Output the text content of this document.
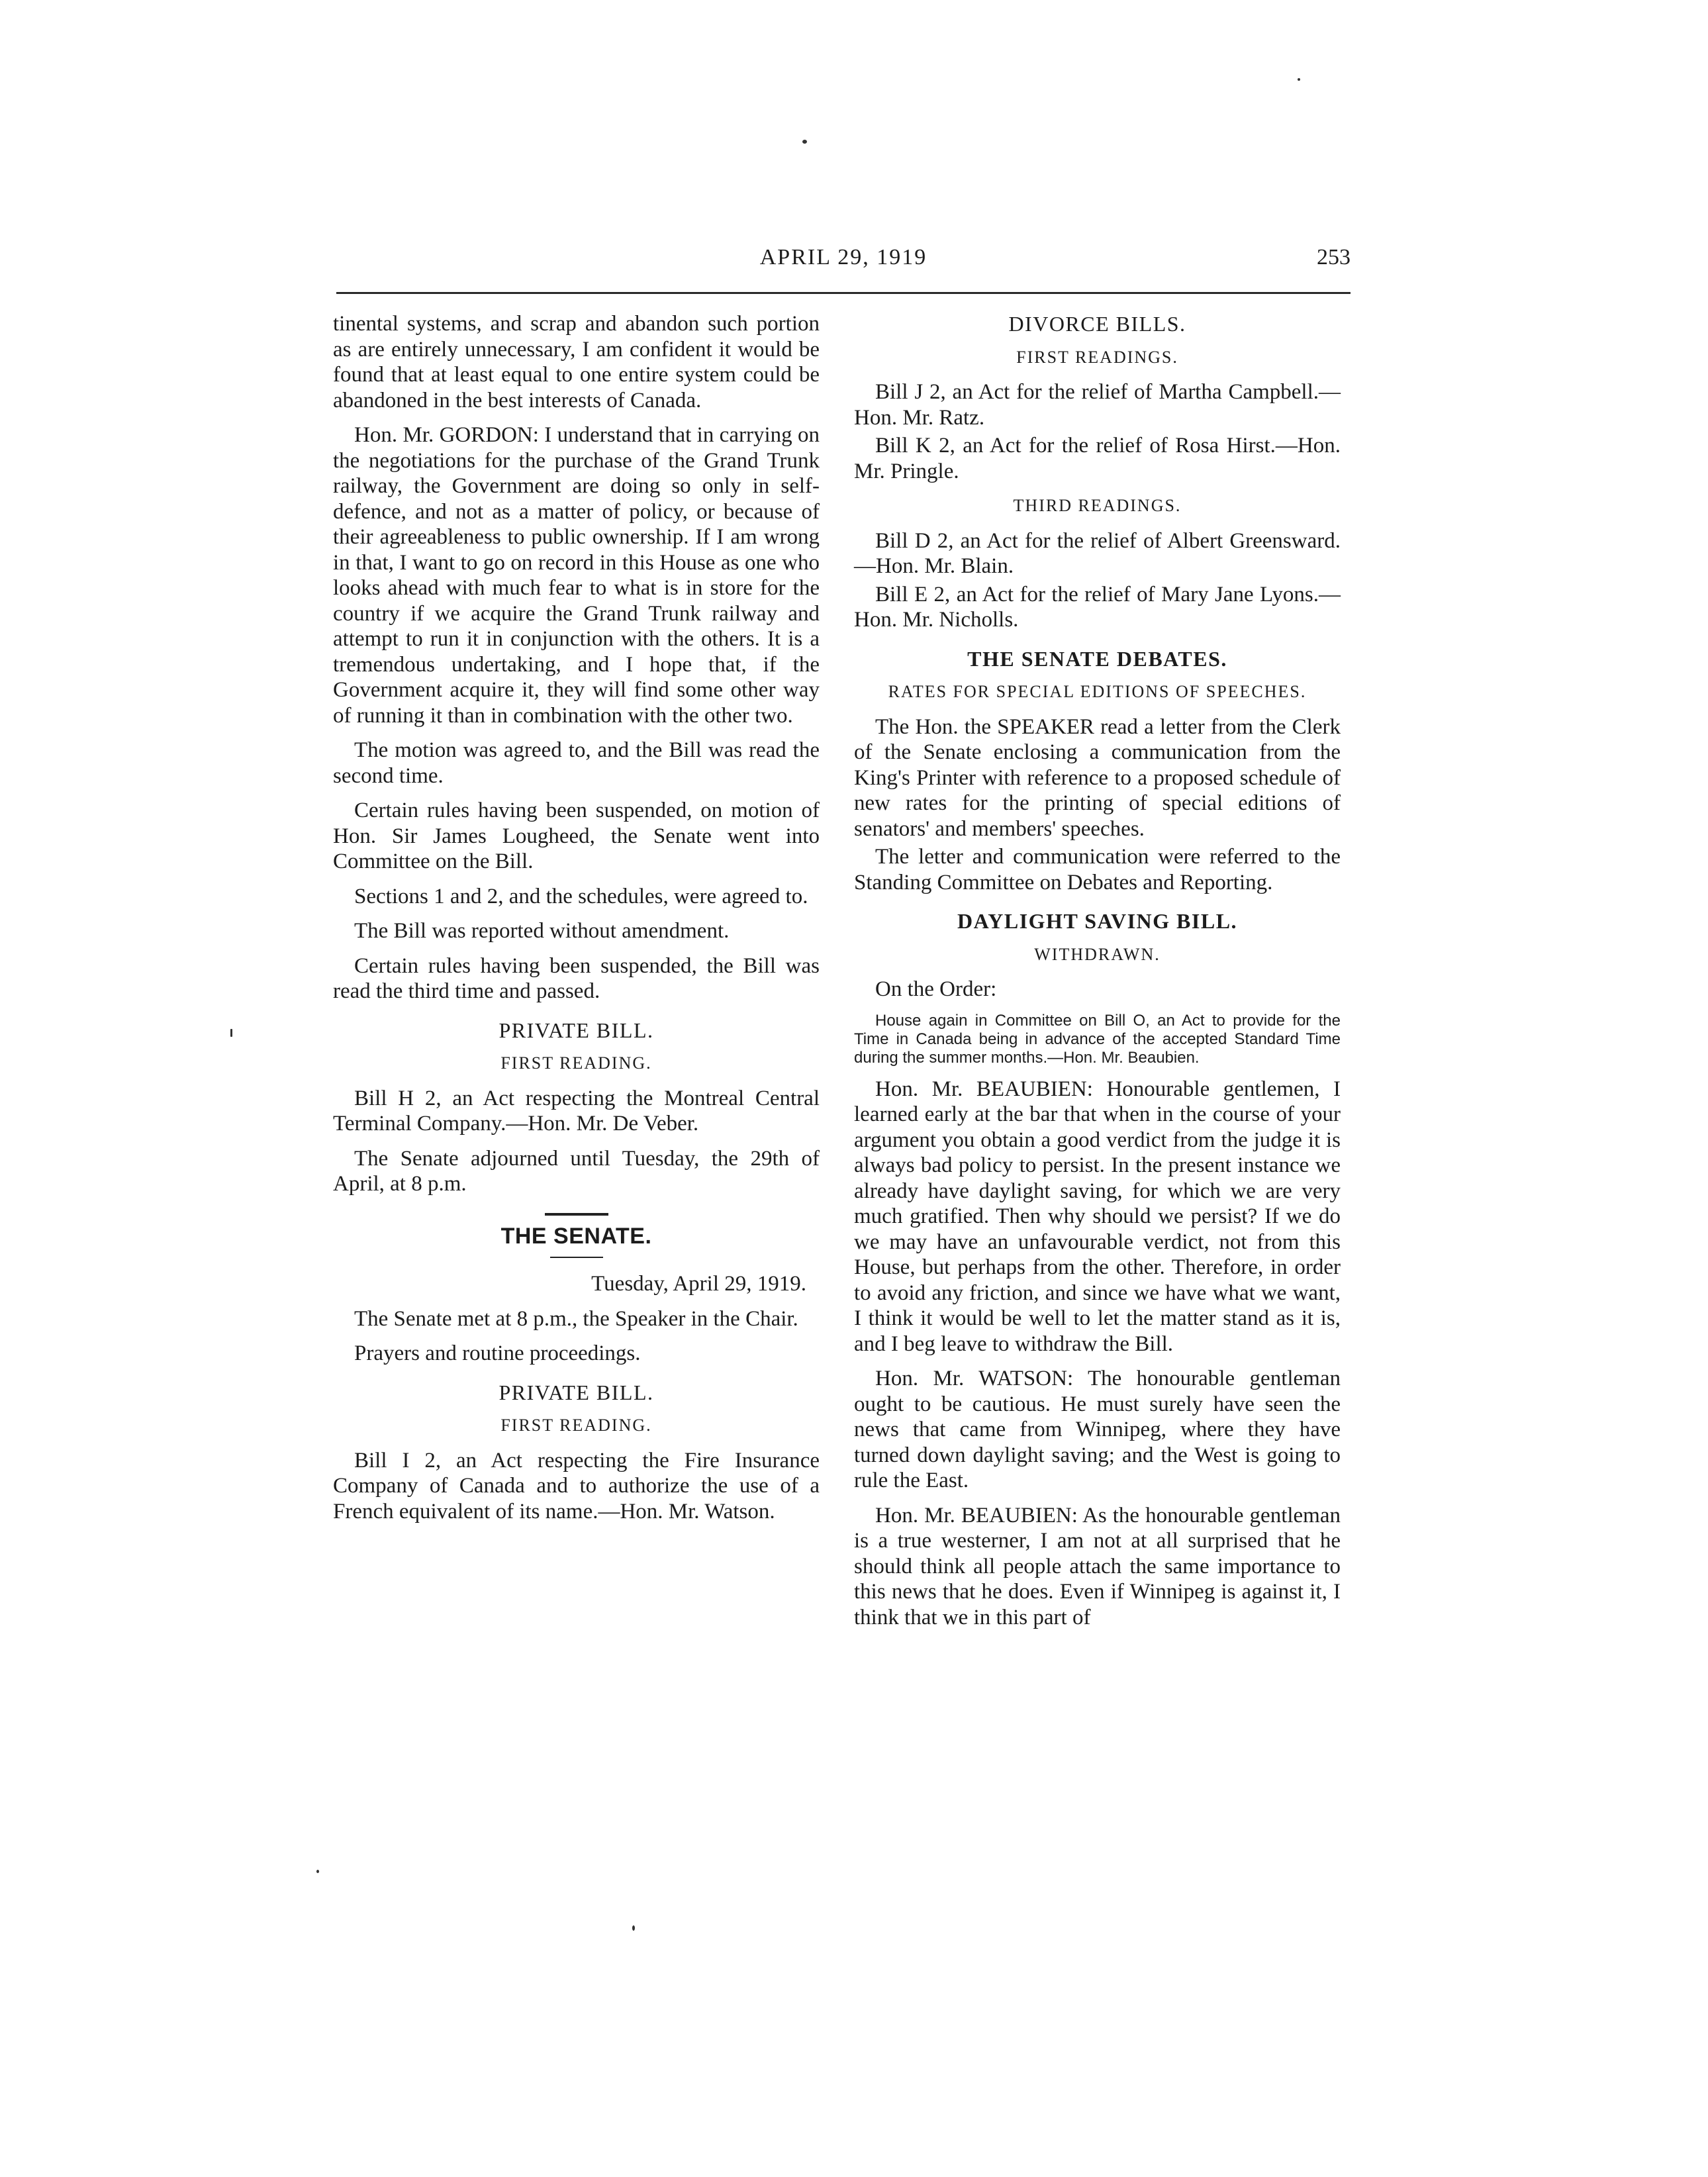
APRIL 29, 1919	253

tinental systems, and scrap and abandon such portion as are entirely unnecessary, I am confident it would be found that at least equal to one entire system could be abandoned in the best interests of Canada.

Hon. Mr. GORDON: I understand that in carrying on the negotiations for the purchase of the Grand Trunk railway, the Government are doing so only in self-defence, and not as a matter of policy, or because of their agreeableness to public ownership. If I am wrong in that, I want to go on record in this House as one who looks ahead with much fear to what is in store for the country if we acquire the Grand Trunk railway and attempt to run it in conjunction with the others. It is a tremendous undertaking, and I hope that, if the Government acquire it, they will find some other way of running it than in combination with the other two.

The motion was agreed to, and the Bill was read the second time.

Certain rules having been suspended, on motion of Hon. Sir James Lougheed, the Senate went into Committee on the Bill.

Sections 1 and 2, and the schedules, were agreed to.

The Bill was reported without amendment.

Certain rules having been suspended, the Bill was read the third time and passed.

PRIVATE BILL.
FIRST READING.

Bill H 2, an Act respecting the Montreal Central Terminal Company.—Hon. Mr. De Veber.

The Senate adjourned until Tuesday, the 29th of April, at 8 p.m.

THE SENATE.
Tuesday, April 29, 1919.

The Senate met at 8 p.m., the Speaker in the Chair.

Prayers and routine proceedings.

PRIVATE BILL.
FIRST READING.

Bill I 2, an Act respecting the Fire Insurance Company of Canada and to authorize the use of a French equivalent of its name.—Hon. Mr. Watson.

DIVORCE BILLS.
FIRST READINGS.

Bill J 2, an Act for the relief of Martha Campbell.—Hon. Mr. Ratz.

Bill K 2, an Act for the relief of Rosa Hirst.—Hon. Mr. Pringle.

THIRD READINGS.

Bill D 2, an Act for the relief of Albert Greensward.—Hon. Mr. Blain.

Bill E 2, an Act for the relief of Mary Jane Lyons.—Hon. Mr. Nicholls.

THE SENATE DEBATES.
RATES FOR SPECIAL EDITIONS OF SPEECHES.

The Hon. the SPEAKER read a letter from the Clerk of the Senate enclosing a communication from the King's Printer with reference to a proposed schedule of new rates for the printing of special editions of senators' and members' speeches.

The letter and communication were referred to the Standing Committee on Debates and Reporting.

DAYLIGHT SAVING BILL.
WITHDRAWN.

On the Order:

House again in Committee on Bill O, an Act to provide for the Time in Canada being in advance of the accepted Standard Time during the summer months.—Hon. Mr. Beaubien.

Hon. Mr. BEAUBIEN: Honourable gentlemen, I learned early at the bar that when in the course of your argument you obtain a good verdict from the judge it is always bad policy to persist. In the present instance we already have daylight saving, for which we are very much gratified. Then why should we persist? If we do we may have an unfavourable verdict, not from this House, but perhaps from the other. Therefore, in order to avoid any friction, and since we have what we want, I think it would be well to let the matter stand as it is, and I beg leave to withdraw the Bill.

Hon. Mr. WATSON: The honourable gentleman ought to be cautious. He must surely have seen the news that came from Winnipeg, where they have turned down daylight saving; and the West is going to rule the East.

Hon. Mr. BEAUBIEN: As the honourable gentleman is a true westerner, I am not at all surprised that he should think all people attach the same importance to this news that he does. Even if Winnipeg is against it, I think that we in this part of
